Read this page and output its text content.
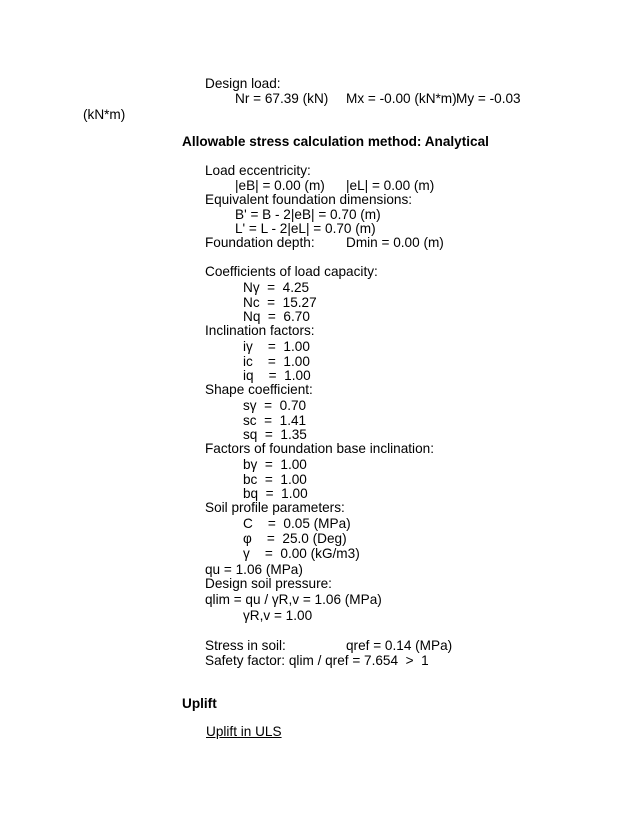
Design load:
Nr = 67.39 (kN) Mx = -0.00 (kN*m) My = -0.03
(kN*m)
Allowable stress calculation method: Analytical
Load eccentricity:
|eB| = 0.00 (m) |eL| = 0.00 (m)
Equivalent foundation dimensions:
B' = B - 2|eB| = 0.70 (m)
L' = L - 2|eL| = 0.70 (m)
Foundation depth: Dmin = 0.00 (m)
Coefficients of load capacity:
Nγ  =  4.25
Nc  =  15.27
Nq  =  6.70
Inclination factors:
iγ    =  1.00
ic    =  1.00
iq    =  1.00
Shape coefficient:
sγ  =  0.70
sc  =  1.41
sq  =  1.35
Factors of foundation base inclination:
bγ  =  1.00
bc  =  1.00
bq  =  1.00
Soil profile parameters:
C    =  0.05 (MPa)
φ    =  25.0 (Deg)
γ    =  0.00 (kG/m3)
qu = 1.06 (MPa)
Design soil pressure:
qlim = qu / γR,v = 1.06 (MPa)
γR,v = 1.00
Stress in soil:	qref = 0.14 (MPa)
Safety factor: qlim / qref = 7.654  >  1
Uplift
Uplift in ULS
